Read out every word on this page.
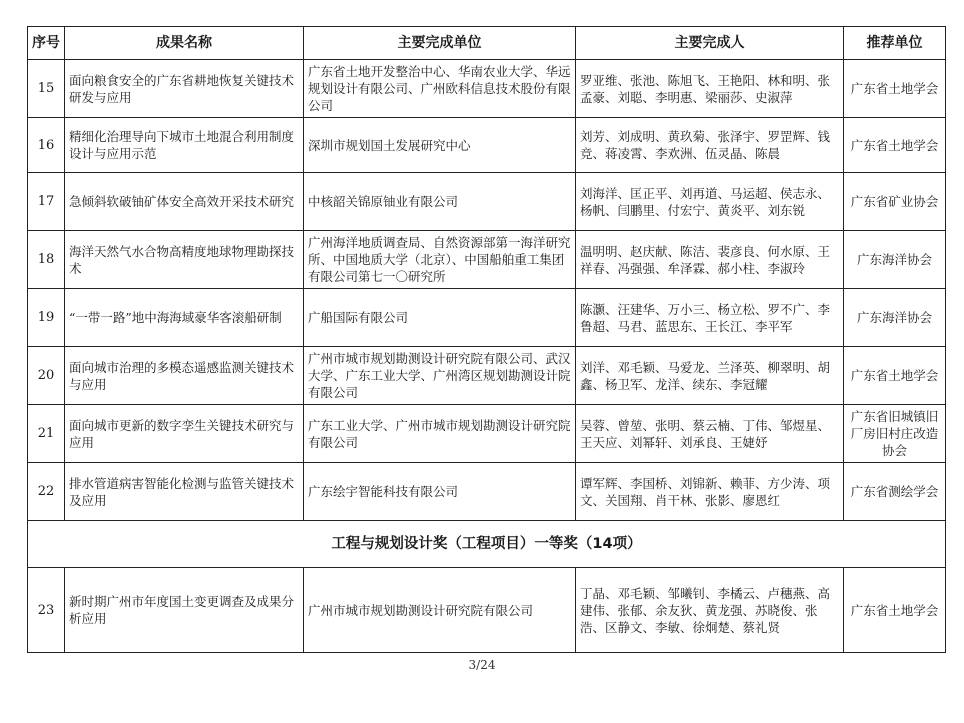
序号	成果名称	主要完成单位	主要完成人	推荐单位
15	面向粮食安全的广东省耕地恢复关键技术研发与应用	广东省土地开发整治中心、华南农业大学、华远规划设计有限公司、广州欧科信息技术股份有限公司	罗亚维、张池、陈旭飞、王艳阳、林和明、张孟豪、刘聪、李明惠、梁丽莎、史淑萍	广东省土地学会
16	精细化治理导向下城市土地混合利用制度设计与应用示范	深圳市规划国土发展研究中心	刘芳、刘成明、黄玖菊、张泽宇、罗罡辉、钱竞、蒋凌霄、李欢洲、伍灵晶、陈晨	广东省土地学会
17	急倾斜软破铀矿体安全高效开采技术研究	中核韶关锦原铀业有限公司	刘海洋、匡正平、刘再道、马运超、侯志永、杨帆、闫鹏里、付宏宁、黄炎平、刘东锐	广东省矿业协会
18	海洋天然气水合物高精度地球物理勘探技术	广州海洋地质调查局、自然资源部第一海洋研究所、中国地质大学（北京）、中国船舶重工集团有限公司第七一〇研究所	温明明、赵庆献、陈洁、裴彦良、何水原、王祥春、冯强强、牟泽霖、郝小柱、李淑玲	广东海洋协会
19	“一带一路”地中海海域豪华客滚船研制	广船国际有限公司	陈灏、汪建华、万小三、杨立松、罗不广、李鲁超、马君、蓝思东、王长江、李平军	广东海洋协会
20	面向城市治理的多模态遥感监测关键技术与应用	广州市城市规划勘测设计研究院有限公司、武汉大学、广东工业大学、广州湾区规划勘测设计院有限公司	刘洋、邓毛颖、马爱龙、兰泽英、柳翠明、胡鑫、杨卫军、龙洋、续东、李冠耀	广东省土地学会
21	面向城市更新的数字孪生关键技术研究与应用	广东工业大学、广州市城市规划勘测设计研究院有限公司	吴蓉、曾堃、张明、蔡云楠、丁伟、邹煜星、王天应、刘幂轩、刘承良、王婕妤	广东省旧城镇旧厂房旧村庄改造协会
22	排水管道病害智能化检测与监管关键技术及应用	广东绘宇智能科技有限公司	谭军辉、李国桥、刘锦新、赖菲、方少涛、项文、关国翔、肖干林、张影、廖恩红	广东省测绘学会
工程与规划设计奖（工程项目）一等奖（14项）				
23	新时期广州市年度国土变更调查及成果分析应用	广州市城市规划勘测设计研究院有限公司	丁晶、邓毛颖、邹曦钊、李橘云、卢穗燕、高建伟、张郁、余友狄、黄龙强、苏晓俊、张浩、区静文、李敏、徐炯楚、蔡礼贤	广东省土地学会
3/24
